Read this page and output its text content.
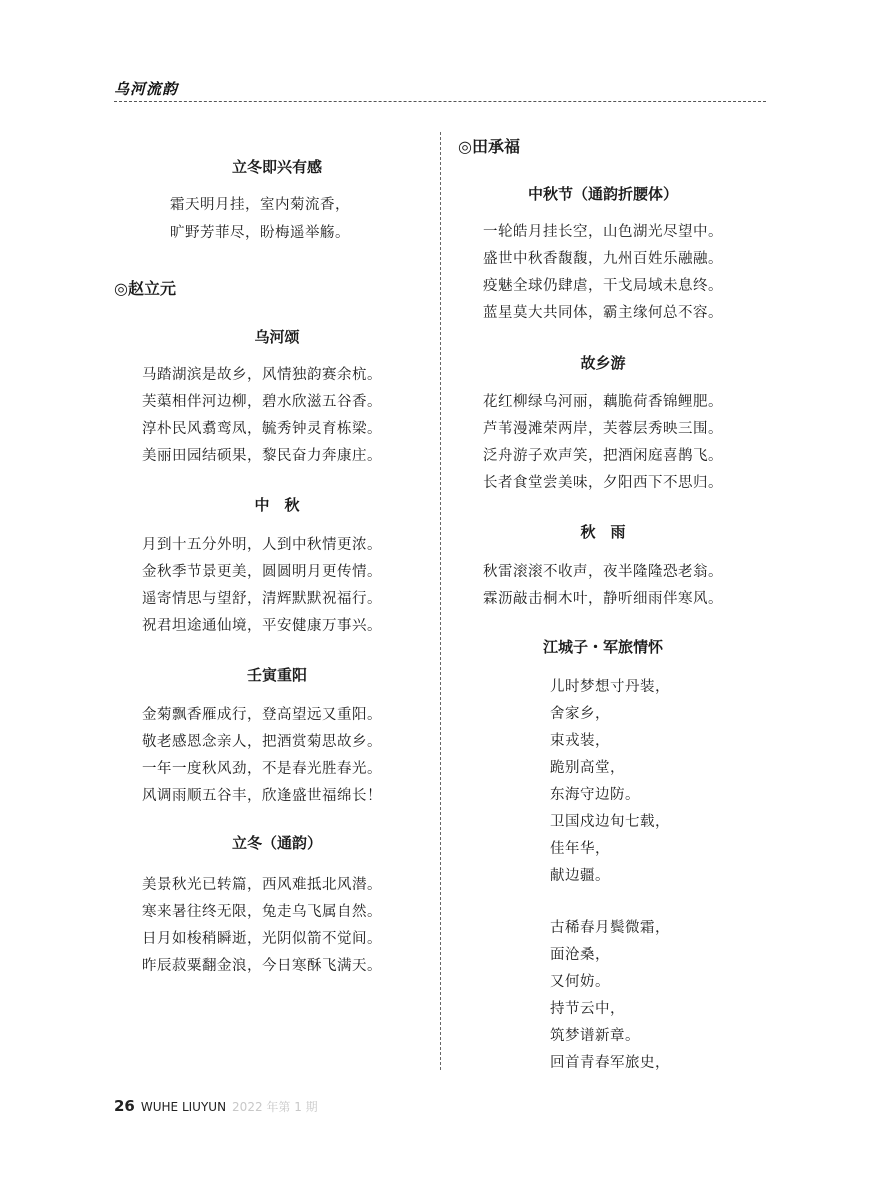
乌河流韵
立冬即兴有感
霜天明月挂，室内菊流香，
旷野芳菲尽，盼梅遥举觞。
◎赵立元
乌河颂
马踏湖滨是故乡，风情独韵赛余杭。
芙蕖相伴河边柳，碧水欣滋五谷香。
淳朴民风翥鸾凤，毓秀钟灵育栋梁。
美丽田园结硕果，黎民奋力奔康庄。
中　秋
月到十五分外明，人到中秋情更浓。
金秋季节景更美，圆圆明月更传情。
遥寄情思与望舒，清辉默默祝福行。
祝君坦途通仙境，平安健康万事兴。
壬寅重阳
金菊飘香雁成行，登高望远又重阳。
敬老感恩念亲人，把酒赏菊思故乡。
一年一度秋风劲，不是春光胜春光。
风调雨顺五谷丰，欣逢盛世福绵长！
立冬（通韵）
美景秋光已转篇，西风难抵北风潜。
寒来暑往终无限，兔走乌飞属自然。
日月如梭稍瞬逝，光阴似箭不觉间。
昨辰菽粟翻金浪，今日寒酥飞满天。
◎田承福
中秋节（通韵折腰体）
一轮皓月挂长空，山色湖光尽望中。
盛世中秋香馥馥，九州百姓乐融融。
疫魅全球仍肆虐，干戈局域未息终。
蓝星莫大共同体，霸主缘何总不容。
故乡游
花红柳绿乌河丽，藕脆荷香锦鲤肥。
芦苇漫滩荣两岸，芙蓉层秀映三围。
泛舟游子欢声笑，把酒闲庭喜鹊飞。
长者食堂尝美味，夕阳西下不思归。
秋　雨
秋雷滚滚不收声，夜半隆隆恐老翁。
霖沥敲击桐木叶，静听细雨伴寒风。
江城子・军旅情怀
儿时梦想寸丹装，
舍家乡，
束戎装，
跪别高堂，
东海守边防。
卫国戍边旬七载，
佳年华，
献边疆。
古稀春月鬓微霜，
面沧桑，
又何妨。
持节云中，
筑梦谱新章。
回首青春军旅史，
26 WUHE LIUYUN 2022 年第 1 期
